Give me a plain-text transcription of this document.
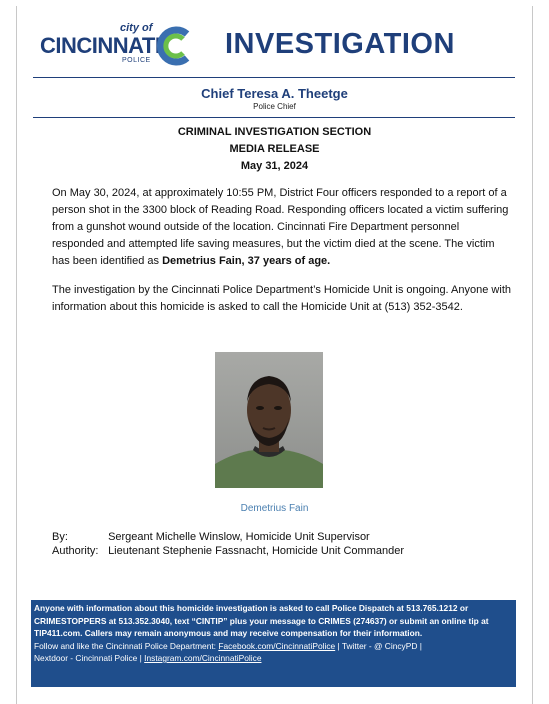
city of
CINCINNATI
POLICE
INVESTIGATION
Chief Teresa A. Theetge
Police Chief
CRIMINAL INVESTIGATION SECTION
MEDIA RELEASE
May 31, 2024
On May 30, 2024, at approximately 10:55 PM, District Four officers responded to a report of a person shot in the 3300 block of Reading Road. Responding officers located a victim suffering from a gunshot wound outside of the location. Cincinnati Fire Department personnel responded and attempted life saving measures, but the victim died at the scene. The victim has been identified as Demetrius Fain, 37 years of age.
The investigation by the Cincinnati Police Department’s Homicide Unit is ongoing. Anyone with information about this homicide is asked to call the Homicide Unit at (513) 352-3542.
Demetrius Fain
By:	Sergeant Michelle Winslow, Homicide Unit Supervisor
Authority: Lieutenant Stephenie Fassnacht, Homicide Unit Commander
Anyone with information about this homicide investigation is asked to call Police Dispatch at 513.765.1212 or CRIMESTOPPERS at 513.352.3040, text “CINTIP” plus your message to CRIMES (274637) or submit an online tip at TIP411.com. Callers may remain anonymous and may receive compensation for their information.
Follow and like the Cincinnati Police Department: Facebook.com/CincinnatiPolice | Twitter - @ CincyPD |
Nextdoor - Cincinnati Police | Instagram.com/CincinnatiPolice
